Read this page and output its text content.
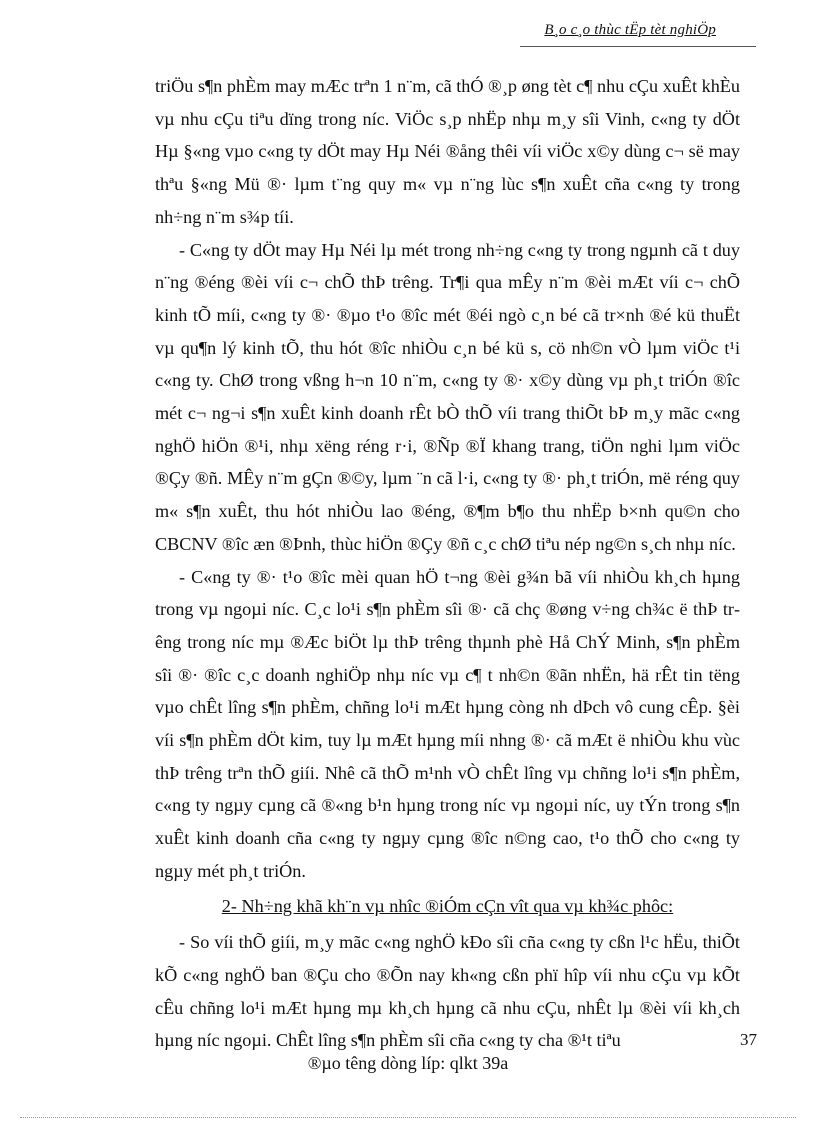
B¸o c¸o thùc tËp tèt nghiÖp

triÖu s¶n phÈm may mÆc trªn 1 n¨m, cã thÓ ®¸p øng tèt c¶ nhu cÇu xuÊt khÈu vµ nhu cÇu tiªu dïng trong níc. ViÖc s¸p nhËp nhµ m¸y sîi Vinh, c«ng ty dÖt Hµ §«ng vµo c«ng ty dÖt may Hµ Néi ®ång thêi víi viÖc x©y dùng c¬ së may thªu §«ng Mü ®· lµm t¨ng quy m« vµ n¨ng lùc s¶n xuÊt cña c«ng ty trong nh÷ng n¨m s¾p tíi.

- C«ng ty dÖt may Hµ Néi lµ mét trong nh÷ng c«ng ty trong ngµnh cã t duy n¨ng ®éng ®èi víi c¬ chÕ thÞ trêng. Tr¶i qua mÊy n¨m ®èi mÆt víi c¬ chÕ kinh tÕ míi, c«ng ty ®· ®µo t¹o ®îc mét ®éi ngò c¸n bé cã tr×nh ®é kü thuËt vµ qu¶n lý kinh tÕ, thu hót ®îc nhiÒu c¸n bé kü s, cö nh©n vÒ lµm viÖc t¹i c«ng ty. ChØ trong vßng h¬n 10 n¨m, c«ng ty ®· x©y dùng vµ ph¸t triÓn ®îc mét c¬ ng¬i s¶n xuÊt kinh doanh rÊt bÒ thÕ víi trang thiÕt bÞ m¸y mãc c«ng nghÖ hiÖn ®¹i, nhµ xëng réng r·i, ®Ñp ®Ï khang trang, tiÖn nghi lµm viÖc ®Çy ®ñ. MÊy n¨m gÇn ®©y, lµm ¨n cã l·i, c«ng ty ®· ph¸t triÓn, më réng quy m« s¶n xuÊt, thu hót nhiÒu lao ®éng, ®¶m b¶o thu nhËp b×nh qu©n cho CBCNV ®îc æn ®Þnh, thùc hiÖn ®Çy ®ñ c¸c chØ tiªu nép ng©n s¸ch nhµ níc.

- C«ng ty ®· t¹o ®îc mèi quan hÖ t¬ng ®èi g¾n bã víi nhiÒu kh¸ch hµng trong vµ ngoµi níc. C¸c lo¹i s¶n phÈm sîi ®· cã chç ®øng v÷ng ch¾c ë thÞ trêng trong níc mµ ®Æc biÖt lµ thÞ trêng thµnh phè Hå ChÝ Minh, s¶n phÈm sîi ®· ®îc c¸c doanh nghiÖp nhµ níc vµ c¶ t nh©n ®ãn nhËn, hä rÊt tin tëng vµo chÊt lîng s¶n phÈm, chñng lo¹i mÆt hµng còng nh dÞch vô cung cÊp. §èi víi s¶n phÈm dÖt kim, tuy lµ mÆt hµng míi nhng ®· cã mÆt ë nhiÒu khu vùc thÞ trêng trªn thÕ giíi. Nhê cã thÕ m¹nh vÒ chÊt lîng vµ chñng lo¹i s¶n phÈm, c«ng ty ngµy cµng cã ®«ng b¹n hµng trong níc vµ ngoµi níc, uy tÝn trong s¶n xuÊt kinh doanh cña c«ng ty ngµy cµng ®îc n©ng cao, t¹o thÕ cho c«ng ty ngµy mét ph¸t triÓn.

2- Nh÷ng khã kh¨n vµ nhîc ®iÓm cÇn vît qua vµ kh¾c phôc:

- So víi thÕ giíi, m¸y mãc c«ng nghÖ kÐo sîi cña c«ng ty cßn l¹c hËu, thiÕt kÕ c«ng nghÖ ban ®Çu cho ®Õn nay kh«ng cßn phï hîp víi nhu cÇu vµ kÕt cÊu chñng lo¹i mÆt hµng mµ kh¸ch hµng cã nhu cÇu, nhÊt lµ ®èi víi kh¸ch hµng níc ngoµi. ChÊt lîng s¶n phÈm sîi cña c«ng ty cha ®¹t tiªu	37
®µo têng dòng líp: qlkt 39a
